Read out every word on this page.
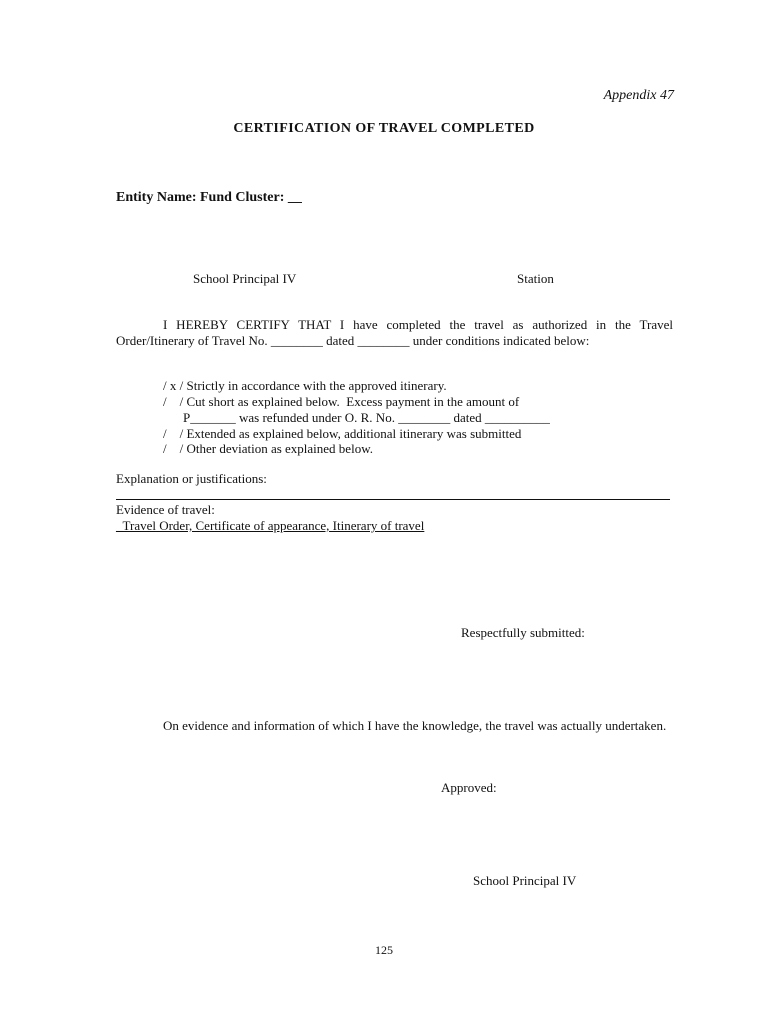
Appendix 47
CERTIFICATION OF TRAVEL COMPLETED
Entity Name: Fund Cluster: __
School Principal IV	Station
I HEREBY CERTIFY THAT I have completed the travel as authorized in the Travel Order/Itinerary of Travel No. ________ dated ________ under conditions indicated below:
/ x / Strictly in accordance with the approved itinerary.
/    / Cut short as explained below.  Excess payment in the amount of
P_______ was refunded under O. R. No. ________ dated __________
/    / Extended as explained below, additional itinerary was submitted
/    / Other deviation as explained below.
Explanation or justifications:
Evidence of travel:
_Travel Order, Certificate of appearance, Itinerary of travel
Respectfully submitted:
On evidence and information of which I have the knowledge, the travel was actually undertaken.
Approved:
School Principal IV
125
